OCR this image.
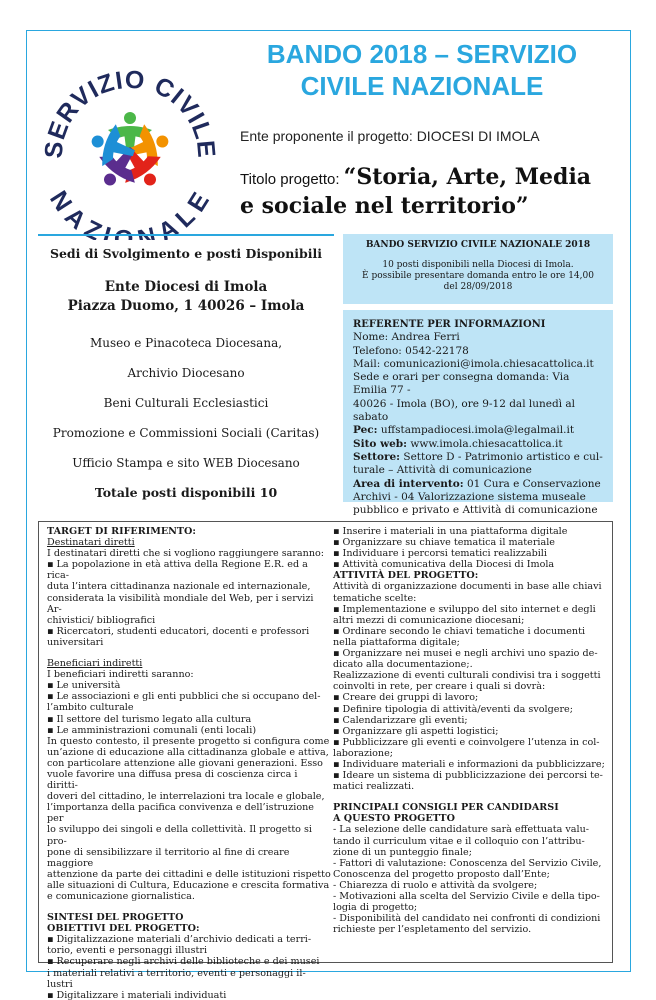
SERVIZIO CIVILE
NAZIONALE
BANDO 2018 – SERVIZIO
CIVILE NAZIONALE
Ente proponente il progetto: DIOCESI DI IMOLA
Titolo progetto: “Storia, Arte, Media
e sociale nel territorio”
Sedi di Svolgimento e posti Disponibili
Ente Diocesi di Imola
Piazza Duomo, 1 40026 – Imola
Museo e Pinacoteca Diocesana,
Archivio Diocesano
Beni Culturali Ecclesiastici
Promozione e Commissioni Sociali (Caritas)
Ufficio Stampa e sito WEB Diocesano
Totale posti disponibili 10
BANDO SERVIZIO CIVILE NAZIONALE 2018
10 posti disponibili nella Diocesi di Imola.
È possibile presentare domanda entro le ore 14,00
del 28/09/2018
REFERENTE PER INFORMAZIONI
Nome: Andrea Ferri
Telefono: 0542-22178
Mail: comunicazioni@imola.chiesacattolica.it
Sede e orari per consegna domanda: Via Emilia 77 -
40026 - Imola (BO), ore 9-12 dal lunedì al sabato
Pec: uffstampadiocesi.imola@legalmail.it
Sito web: www.imola.chiesacattolica.it
Settore: Settore D - Patrimonio artistico e cul-
turale – Attività di comunicazione
Area di intervento: 01 Cura e Conservazione
Archivi - 04 Valorizzazione sistema museale
pubblico e privato e Attività di comunicazione
TARGET DI RIFERIMENTO:
Destinatari diretti
I destinatari diretti che si vogliono raggiungere saranno:
▪ La popolazione in età attiva della Regione E.R. ed a rica-
duta l’intera cittadinanza nazionale ed internazionale,
considerata la visibilità mondiale del Web, per i servizi Ar-
chivistici/ bibliografici
▪ Ricercatori, studenti educatori, docenti e professori
universitari
Beneficiari indiretti
I beneficiari indiretti saranno:
▪ Le università
▪ Le associazioni e gli enti pubblici che si occupano del-
l’ambito culturale
▪ Il settore del turismo legato alla cultura
▪ Le amministrazioni comunali (enti locali)
In questo contesto, il presente progetto si configura come
un’azione di educazione alla cittadinanza globale e attiva,
con particolare attenzione alle giovani generazioni. Esso
vuole favorire una diffusa presa di coscienza circa i diritti-
doveri del cittadino, le interrelazioni tra locale e globale,
l’importanza della pacifica convivenza e dell’istruzione per
lo sviluppo dei singoli e della collettività. Il progetto si pro-
pone di sensibilizzare il territorio al fine di creare maggiore
attenzione da parte dei cittadini e delle istituzioni rispetto
alle situazioni di Cultura, Educazione e crescita formativa
e comunicazione giornalistica.
SINTESI DEL PROGETTO
OBIETTIVI DEL PROGETTO:
▪ Digitalizzazione materiali d’archivio dedicati a terri-
torio, eventi e personaggi illustri
▪ Recuperare negli archivi delle biblioteche e dei musei
i materiali relativi a territorio, eventi e personaggi il-
lustri
▪ Digitalizzare i materiali individuati
▪ Inserire i materiali in una piattaforma digitale
▪ Organizzare su chiave tematica il materiale
▪ Individuare i percorsi tematici realizzabili
▪ Attività comunicativa della Diocesi di Imola
ATTIVITÀ DEL PROGETTO:
Attività di organizzazione documenti in base alle chiavi
tematiche scelte:
▪ Implementazione e sviluppo del sito internet e degli
altri mezzi di comunicazione diocesani;
▪ Ordinare secondo le chiavi tematiche i documenti
nella piattaforma digitale;
▪ Organizzare nei musei e negli archivi uno spazio de-
dicato alla documentazione;.
Realizzazione di eventi culturali condivisi tra i soggetti
coinvolti in rete, per creare i quali si dovrà:
▪ Creare dei gruppi di lavoro;
▪ Definire tipologia di attività/eventi da svolgere;
▪ Calendarizzare gli eventi;
▪ Organizzare gli aspetti logistici;
▪ Pubblicizzare gli eventi e coinvolgere l’utenza in col-
laborazione;
▪ Individuare materiali e informazioni da pubblicizzare;
▪ Ideare un sistema di pubblicizzazione dei percorsi te-
matici realizzati.
PRINCIPALI CONSIGLI PER CANDIDARSI
A QUESTO PROGETTO
- La selezione delle candidature sarà effettuata valu-
tando il curriculum vitae e il colloquio con l’attribu-
zione di un punteggio finale;
- Fattori di valutazione: Conoscenza del Servizio Civile,
Conoscenza del progetto proposto dall’Ente;
- Chiarezza di ruolo e attività da svolgere;
- Motivazioni alla scelta del Servizio Civile e della tipo-
logia di progetto;
- Disponibilità del candidato nei confronti di condizioni
richieste per l’espletamento del servizio.
